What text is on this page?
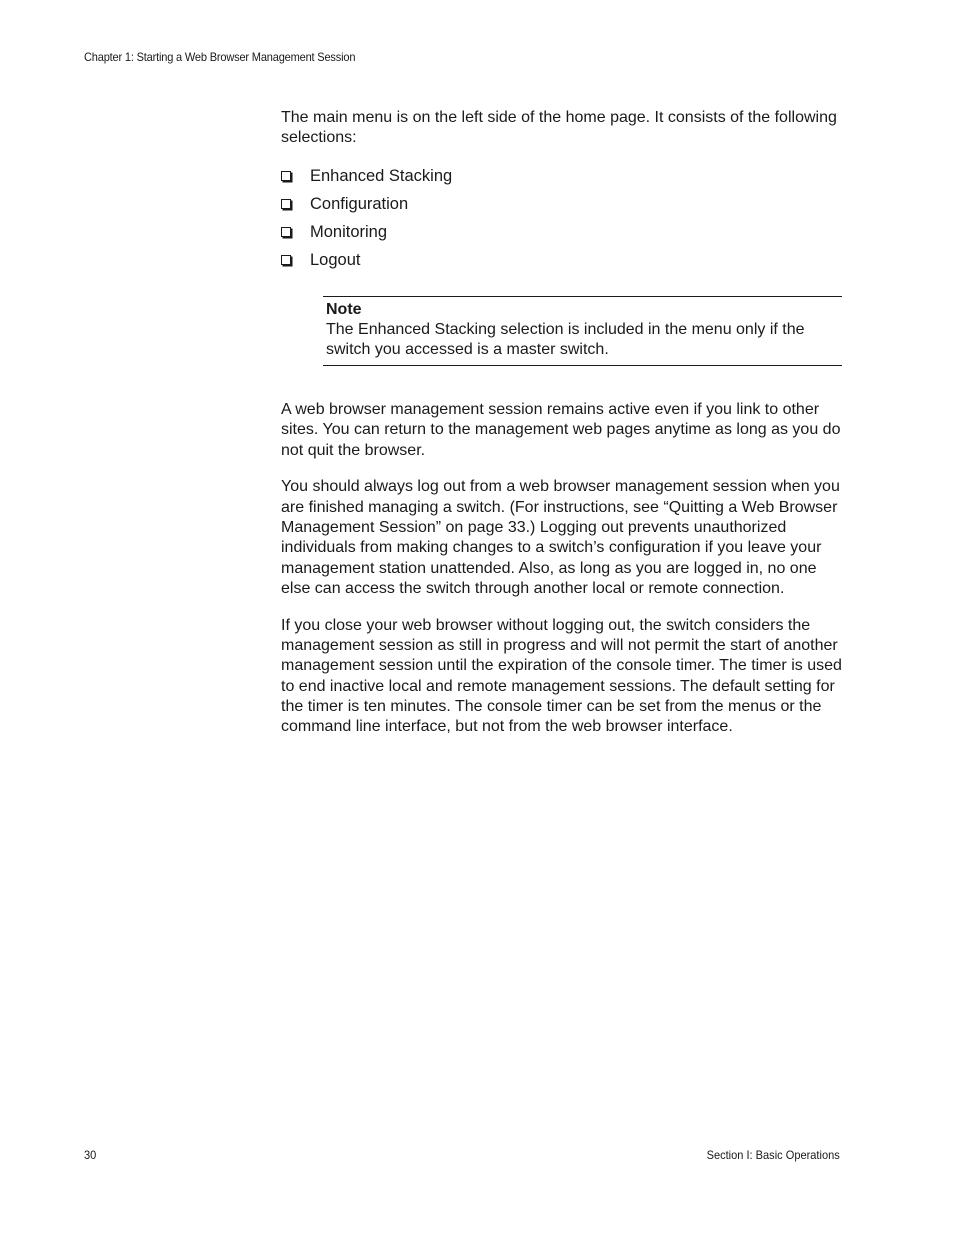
Chapter 1: Starting a Web Browser Management Session

The main menu is on the left side of the home page. It consists of the following selections:

Enhanced Stacking
Configuration
Monitoring
Logout
Note
The Enhanced Stacking selection is included in the menu only if the switch you accessed is a master switch.

A web browser management session remains active even if you link to other sites. You can return to the management web pages anytime as long as you do not quit the browser.

You should always log out from a web browser management session when you are finished managing a switch. (For instructions, see “Quitting a Web Browser Management Session” on page 33.) Logging out prevents unauthorized individuals from making changes to a switch’s configuration if you leave your management station unattended. Also, as long as you are logged in, no one else can access the switch through another local or remote connection.

If you close your web browser without logging out, the switch considers the management session as still in progress and will not permit the start of another management session until the expiration of the console timer. The timer is used to end inactive local and remote management sessions. The default setting for the timer is ten minutes. The console timer can be set from the menus or the command line interface, but not from the web browser interface.

30	Section I: Basic Operations
